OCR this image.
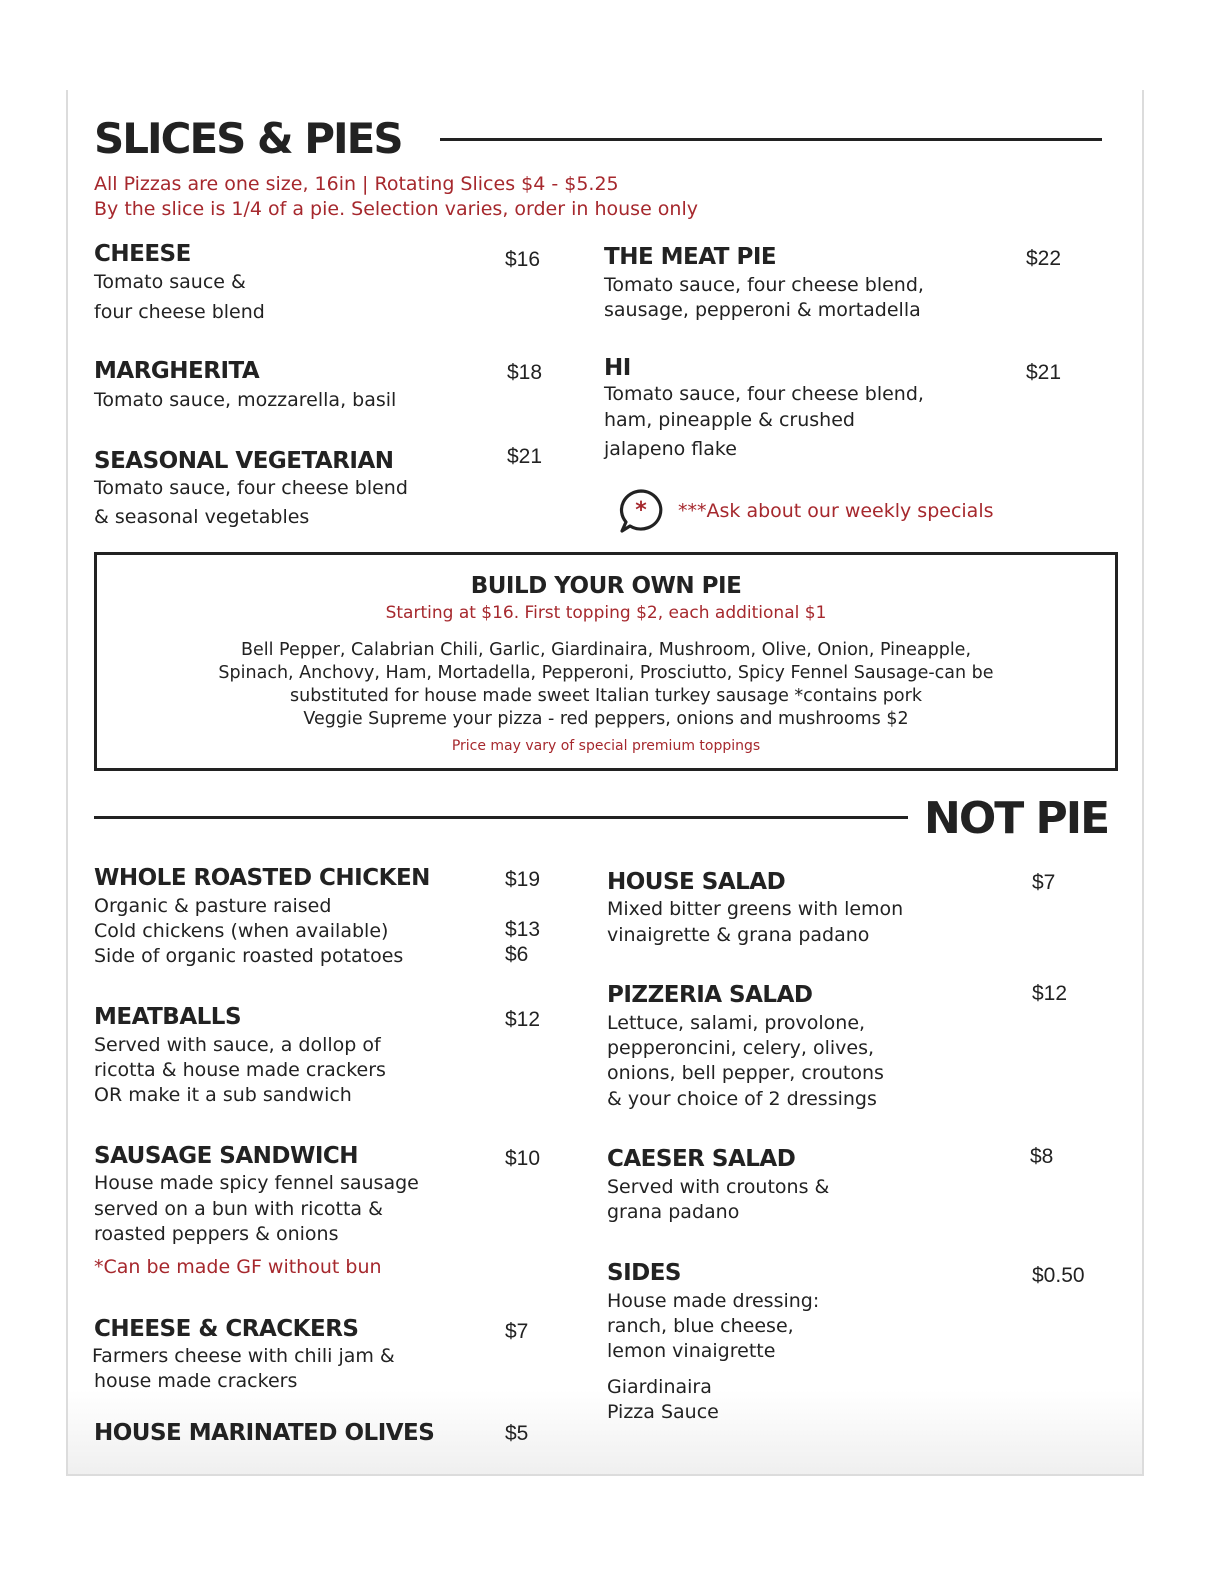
SLICES & PIES
All Pizzas are one size, 16in | Rotating Slices $4 - $5.25
By the slice is 1/4 of a pie. Selection varies, order in house only
CHEESE	$16
Tomato sauce &
four cheese blend
MARGHERITA	$18
Tomato sauce, mozzarella, basil
SEASONAL VEGETARIAN	$21
Tomato sauce, four cheese blend
& seasonal vegetables
THE MEAT PIE	$22
Tomato sauce, four cheese blend,
sausage, pepperoni & mortadella
HI	$21
Tomato sauce, four cheese blend,
ham, pineapple & crushed
jalapeno flake
* ***Ask about our weekly specials
BUILD YOUR OWN PIE
Starting at $16. First topping $2, each additional $1
Bell Pepper, Calabrian Chili, Garlic, Giardinaira, Mushroom, Olive, Onion, Pineapple,
Spinach, Anchovy, Ham, Mortadella, Pepperoni, Prosciutto, Spicy Fennel Sausage-can be
substituted for house made sweet Italian turkey sausage *contains pork
Veggie Supreme your pizza - red peppers, onions and mushrooms $2
Price may vary of special premium toppings
NOT PIE
WHOLE ROASTED CHICKEN	$19
Organic & pasture raised
Cold chickens (when available)	$13
Side of organic roasted potatoes	$6
MEATBALLS	$12
Served with sauce, a dollop of
ricotta & house made crackers
OR make it a sub sandwich
SAUSAGE SANDWICH	$10
House made spicy fennel sausage
served on a bun with ricotta &
roasted peppers & onions
*Can be made GF without bun
CHEESE & CRACKERS	$7
Farmers cheese with chili jam &
house made crackers
HOUSE MARINATED OLIVES	$5
HOUSE SALAD	$7
Mixed bitter greens with lemon
vinaigrette & grana padano
PIZZERIA SALAD	$12
Lettuce, salami, provolone,
pepperoncini, celery, olives,
onions, bell pepper, croutons
& your choice of 2 dressings
CAESER SALAD	$8
Served with croutons &
grana padano
SIDES	$0.50
House made dressing:
ranch, blue cheese,
lemon vinaigrette
Giardinaira
Pizza Sauce
